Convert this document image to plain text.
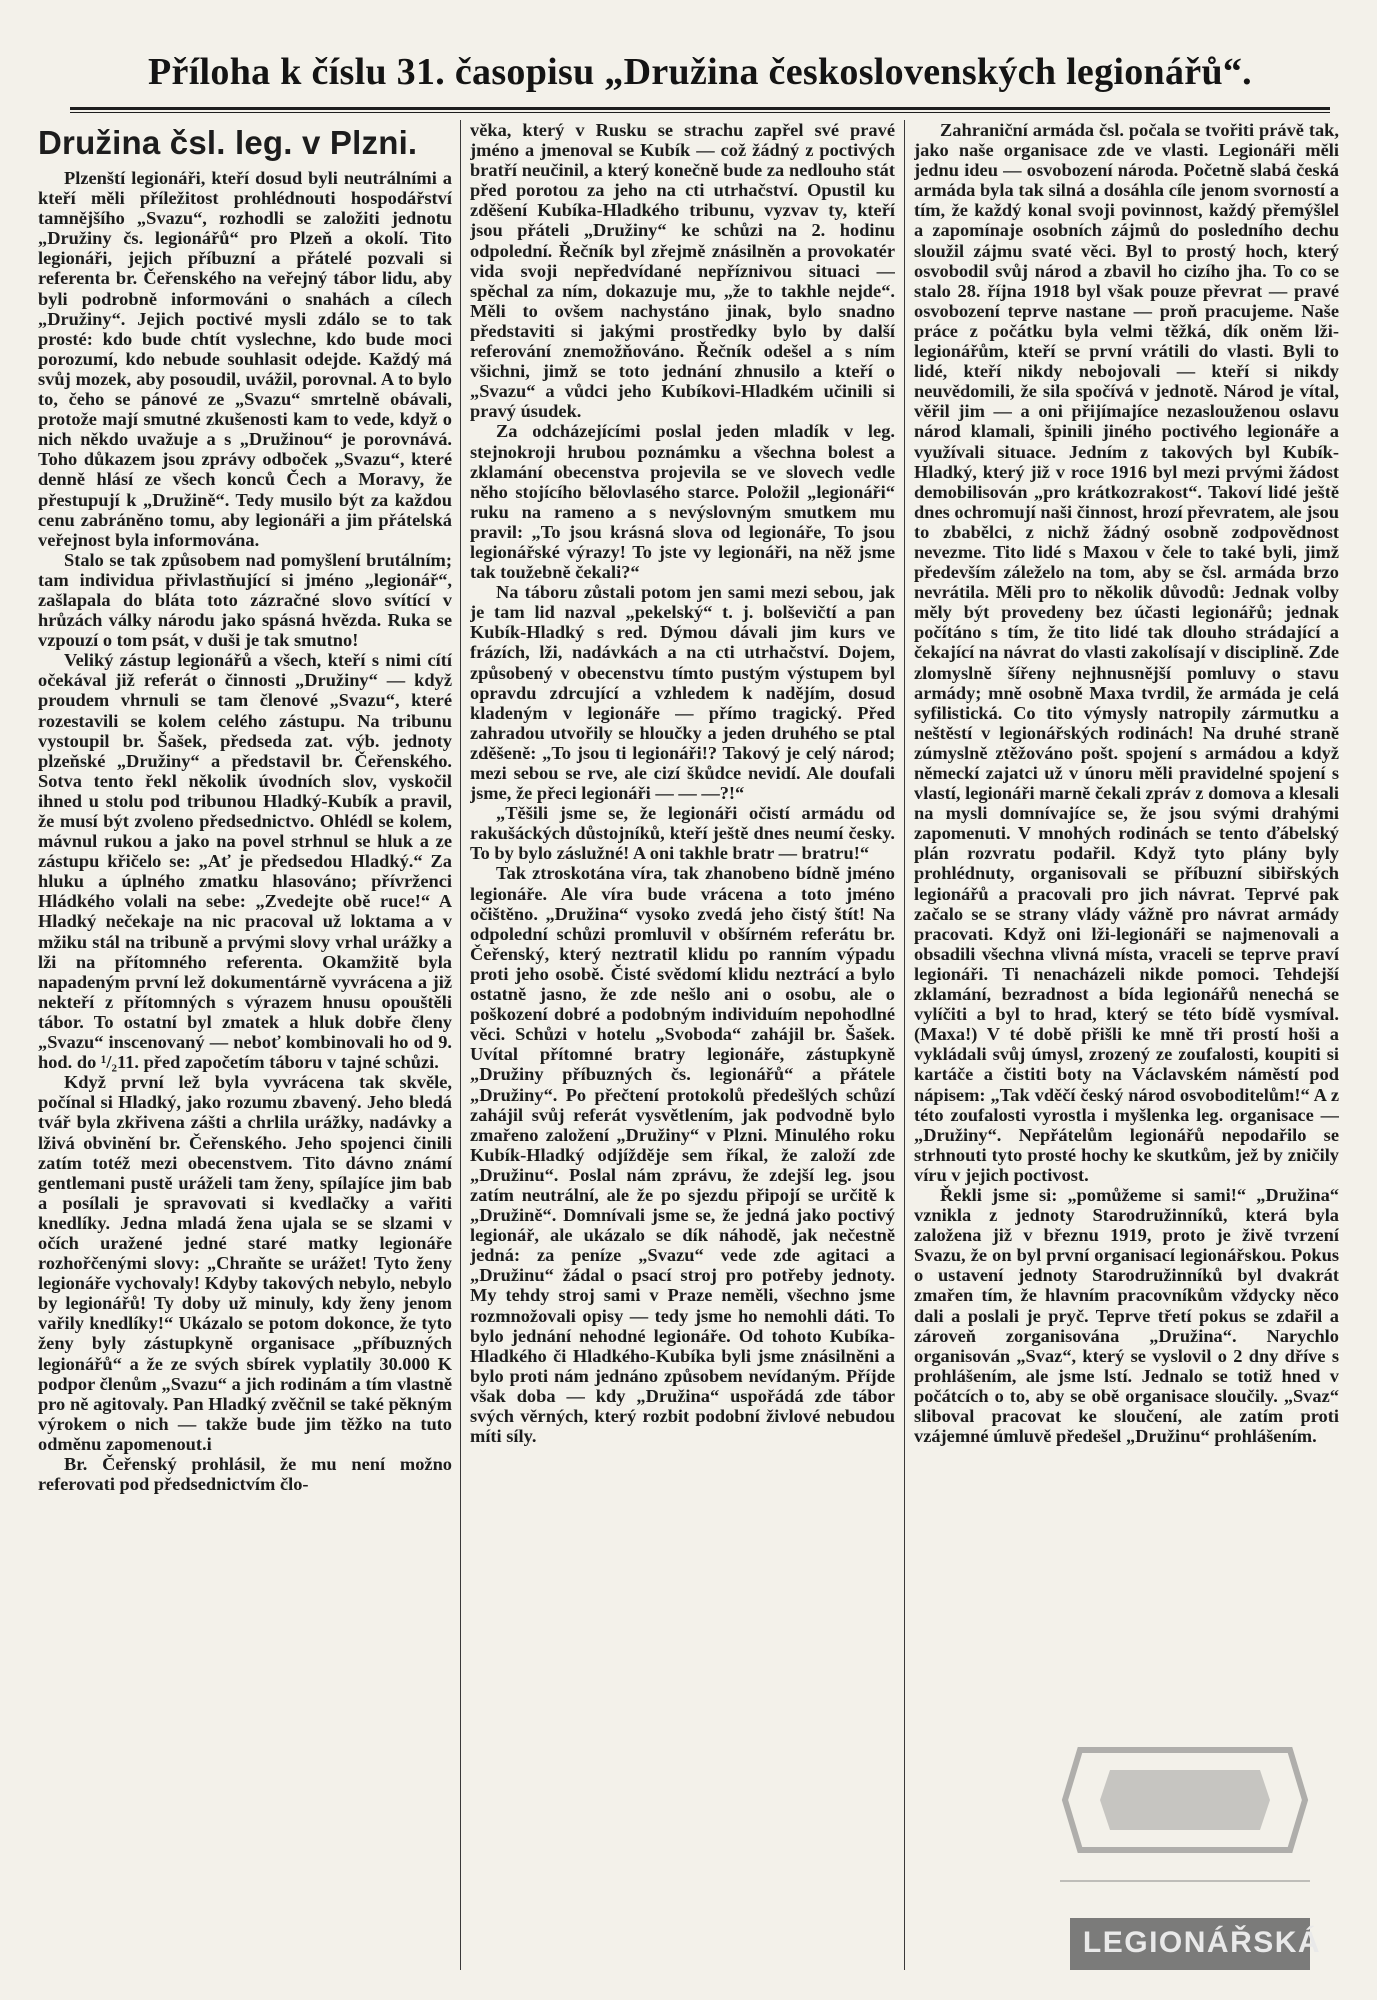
Příloha k číslu 31. časopisu „Družina československých legionářů“.
Družina čsl. leg. v Plzni.

Plzenští legionáři, kteří dosud byli neutrálními a kteří měli příležitost prohlédnouti hospodářství tamnějšího „Svazu“, rozhodli se založiti jednotu „Družiny čs. legionářů“ pro Plzeň a okolí. Tito legionáři, jejich příbuzní a přátelé pozvali si referenta br. Čeřenského na veřejný tábor lidu, aby byli podrobně informováni o snahách a cílech „Družiny“. Jejich poctivé mysli zdálo se to tak prosté: kdo bude chtít vyslechne, kdo bude moci porozumí, kdo nebude souhlasit odejde. Každý má svůj mozek, aby posoudil, uvážil, porovnal. A to bylo to, čeho se pánové ze „Svazu“ smrtelně obávali, protože mají smutné zkušenosti kam to vede, když o nich někdo uvažuje a s „Družinou“ je porovnává. Toho důkazem jsou zprávy odboček „Svazu“, které denně hlásí ze všech konců Čech a Moravy, že přestupují k „Družině“. Tedy musilo být za každou cenu zabráněno tomu, aby legionáři a jim přátelská veřejnost byla informována.

Stalo se tak způsobem nad pomyšlení brutálním; tam individua přivlastňující si jméno „legionář“, zašlapala do bláta toto zázračné slovo svítící v hrůzách války národu jako spásná hvězda. Ruka se vzpouzí o tom psát, v duši je tak smutno!

Veliký zástup legionářů a všech, kteří s nimi cítí očekával již referát o činnosti „Družiny“ — když proudem vhrnuli se tam členové „Svazu“, které rozestavili se kolem celého zástupu. Na tribunu vystoupil br. Šašek, předseda zat. výb. jednoty plzeňské „Družiny“ a představil br. Čeřenského. Sotva tento řekl několik úvodních slov, vyskočil ihned u stolu pod tribunou Hladký-Kubík a pravil, že musí být zvoleno předsednictvo. Ohlédl se kolem, mávnul rukou a jako na povel strhnul se hluk a ze zástupu křičelo se: „Ať je předsedou Hladký.“ Za hluku a úplného zmatku hlasováno; přívrženci Hládkého volali na sebe: „Zvedejte obě ruce!“ A Hladký nečekaje na nic pracoval už loktama a v mžiku stál na tribuně a prvými slovy vrhal urážky a lži na přítomného referenta. Okamžitě byla napadeným první lež dokumentárně vyvrácena a již nekteří z přítomných s výrazem hnusu opouštěli tábor. To ostatní byl zmatek a hluk dobře členy „Svazu“ inscenovaný — neboť kombinovali ho od 9. hod. do ¹/₂11. před započetím táboru v tajné schůzi.

Když první lež byla vyvrácena tak skvěle, počínal si Hladký, jako rozumu zbavený. Jeho bledá tvář byla zkřivena zášti a chrlila urážky, nadávky a lživá obvinění br. Čeřenského. Jeho spojenci činili zatím totéž mezi obecenstvem. Tito dávno známí gentlemani pustě uráželi tam ženy, spílajíce jim bab a posílali je spravovati si kvedlačky a vařiti knedlíky. Jedna mladá žena ujala se se slzami v očích uražené jedné staré matky legionáře rozhořčenými slovy: „Chraňte se urážet! Tyto ženy legionáře vychovaly! Kdyby takových nebylo, nebylo by legionářů! Ty doby už minuly, kdy ženy jenom vařily knedlíky!“ Ukázalo se potom dokonce, že tyto ženy byly zástupkyně organisace „příbuzných legionářů“ a že ze svých sbírek vyplatily 30.000 K podpor členům „Svazu“ a jich rodinám a tím vlastně pro ně agitovaly. Pan Hladký zvěčnil se také pěkným výrokem o nich — takže bude jim těžko na tuto odměnu zapomenout.i

Br. Čeřenský prohlásil, že mu není možno referovati pod předsednictvím člo-

věka, který v Rusku se strachu zapřel své pravé jméno a jmenoval se Kubík — což žádný z poctivých bratří neučinil, a který konečně bude za nedlouho stát před porotou za jeho na cti utrhačství. Opustil ku zděšení Kubíka-Hladkého tribunu, vyzvav ty, kteří jsou přáteli „Družiny“ ke schůzi na 2. hodinu odpolední. Řečník byl zřejmě znásilněn a provokatér vida svoji nepředvídané nepříznivou situaci — spěchal za ním, dokazuje mu, „že to takhle nejde“. Měli to ovšem nachystáno jinak, bylo snadno představiti si jakými prostředky bylo by další referování znemožňováno. Řečník odešel a s ním všichni, jimž se toto jednání zhnusilo a kteří o „Svazu“ a vůdci jeho Kubíkovi-Hladkém učinili si pravý úsudek.

Za odcházejícími poslal jeden mladík v leg. stejnokroji hrubou poznámku a všechna bolest a zklamání obecenstva projevila se ve slovech vedle něho stojícího bělovlasého starce. Položil „legionáři“ ruku na rameno a s nevýslovným smutkem mu pravil: „To jsou krásná slova od legionáře, To jsou legionářské výrazy! To jste vy legionáři, na něž jsme tak toužebně čekali?“

Na táboru zůstali potom jen sami mezi sebou, jak je tam lid nazval „pekelský“ t. j. bolševičtí a pan Kubík-Hladký s red. Dýmou dávali jim kurs ve frázích, lži, nadávkách a na cti utrhačství. Dojem, způsobený v obecenstvu tímto pustým výstupem byl opravdu zdrcující a vzhledem k nadějím, dosud kladeným v legionáře — přímo tragický. Před zahradou utvořily se hloučky a jeden druhého se ptal zděšeně: „To jsou ti legionáři!? Takový je celý národ; mezi sebou se rve, ale cizí škůdce nevidí. Ale doufali jsme, že přeci legionáři — — —?!“

„Těšili jsme se, že legionáři očistí armádu od rakušáckých důstojníků, kteří ještě dnes neumí česky. To by bylo záslužné! A oni takhle bratr — bratru!“

Tak ztroskotána víra, tak zhanobeno bídně jméno legionáře. Ale víra bude vrácena a toto jméno očištěno. „Družina“ vysoko zvedá jeho čistý štít! Na odpolední schůzi promluvil v obšírném referátu br. Čeřenský, který neztratil klidu po ranním výpadu proti jeho osobě. Čisté svědomí klidu neztrácí a bylo ostatně jasno, že zde nešlo ani o osobu, ale o poškození dobré a podobným individuím nepohodlné věci. Schůzi v hotelu „Svoboda“ zahájil br. Šašek. Uvítal přítomné bratry legionáře, zástupkyně „Družiny příbuzných čs. legionářů“ a přátele „Družiny“. Po přečtení protokolů předešlých schůzí zahájil svůj referát vysvětlením, jak podvodně bylo zmařeno založení „Družiny“ v Plzni. Minulého roku Kubík-Hladký odjížděje sem říkal, že založí zde „Družinu“. Poslal nám zprávu, že zdejší leg. jsou zatím neutrální, ale že po sjezdu připojí se určitě k „Družině“. Domnívali jsme se, že jedná jako poctivý legionář, ale ukázalo se dík náhodě, jak nečestně jedná: za peníze „Svazu“ vede zde agitaci a „Družinu“ žádal o psací stroj pro potřeby jednoty. My tehdy stroj sami v Praze neměli, všechno jsme rozmnožovali opisy — tedy jsme ho nemohli dáti. To bylo jednání nehodné legionáře. Od tohoto Kubíka-Hladkého či Hladkého-Kubíka byli jsme znásilněni a bylo proti nám jednáno způsobem nevídaným. Příjde však doba — kdy „Družina“ uspořádá zde tábor svých věrných, který rozbit podobní živlové nebudou míti síly.

Zahraniční armáda čsl. počala se tvořiti právě tak, jako naše organisace zde ve vlasti. Legionáři měli jednu ideu — osvobození národa. Početně slabá česká armáda byla tak silná a dosáhla cíle jenom svorností a tím, že každý konal svoji povinnost, každý přemýšlel a zapomínaje osobních zájmů do posledního dechu sloužil zájmu svaté věci. Byl to prostý hoch, který osvobodil svůj národ a zbavil ho cizího jha. To co se stalo 28. října 1918 byl však pouze převrat — pravé osvobození teprve nastane — proň pracujeme. Naše práce z počátku byla velmi těžká, dík oněm lži-legionářům, kteří se první vrátili do vlasti. Byli to lidé, kteří nikdy nebojovali — kteří si nikdy neuvědomili, že sila spočívá v jednotě. Národ je vítal, věřil jim — a oni přijímajíce nezaslouženou oslavu národ klamali, špinili jiného poctivého legionáře a využívali situace. Jedním z takových byl Kubík-Hladký, který již v roce 1916 byl mezi prvými žádost demobilisován „pro krátkozrakost“. Takoví lidé ještě dnes ochromují naši činnost, hrozí převratem, ale jsou to zbabělci, z nichž žádný osobně zodpovědnost nevezme. Tito lidé s Maxou v čele to také byli, jimž především záleželo na tom, aby se čsl. armáda brzo nevrátila. Měli pro to několik důvodů: Jednak volby měly být provedeny bez účasti legionářů; jednak počítáno s tím, že tito lidé tak dlouho strádající a čekající na návrat do vlasti zakolísají v disciplině. Zde zlomyslně šířeny nejhnusnější pomluvy o stavu armády; mně osobně Maxa tvrdil, že armáda je celá syfilistická. Co tito výmysly natropily zármutku a neštěstí v legionářských rodinách! Na druhé straně zúmyslně ztěžováno pošt. spojení s armádou a když německí zajatci už v únoru měli pravidelné spojení s vlastí, legionáři marně čekali zpráv z domova a klesali na mysli domnívajíce se, že jsou svými drahými zapomenuti. V mnohých rodinách se tento ďábelský plán rozvratu podařil. Když tyto plány byly prohlédnuty, organisovali se příbuzní sibiřských legionářů a pracovali pro jich návrat. Teprvé pak začalo se se strany vlády vážně pro návrat armády pracovati. Když oni lži-legionáři se najmenovali a obsadili všechna vlivná místa, vraceli se teprve praví legionáři. Ti nenacházeli nikde pomoci. Tehdejší zklamání, bezradnost a bída legionářů nenechá se vylíčiti a byl to hrad, který se této bídě vysmíval. (Maxa!) V té době přišli ke mně tři prostí hoši a vykládali svůj úmysl, zrozený ze zoufalosti, koupiti si kartáče a čistiti boty na Václavském náměstí pod nápisem: „Tak vděčí český národ osvoboditelům!“ A z této zoufalosti vyrostla i myšlenka leg. organisace — „Družiny“. Nepřátelům legionářů nepodařilo se strhnouti tyto prosté hochy ke skutkům, jež by zničily víru v jejich poctivost.

Řekli jsme si: „pomůžeme si sami!“ „Družina“ vznikla z jednoty Starodružinníků, která byla založena již v březnu 1919, proto je živě tvrzení Svazu, že on byl první organisací legionářskou. Pokus o ustavení jednoty Starodružinníků byl dvakrát zmařen tím, že hlavním pracovníkům vždycky něco dali a poslali je pryč. Teprve třetí pokus se zdařil a zároveň zorganisována „Družina“. Narychlo organisován „Svaz“, který se vyslovil o 2 dny dříve s prohlášením, ale jsme lstí. Jednalo se totiž hned v počátcích o to, aby se obě organisace sloučily. „Svaz“ sliboval pracovat ke sloučení, ale zatím proti vzájemné úmluvě předešel „Družinu“ prohlášením.

LEGIONÁŘSKÁ
